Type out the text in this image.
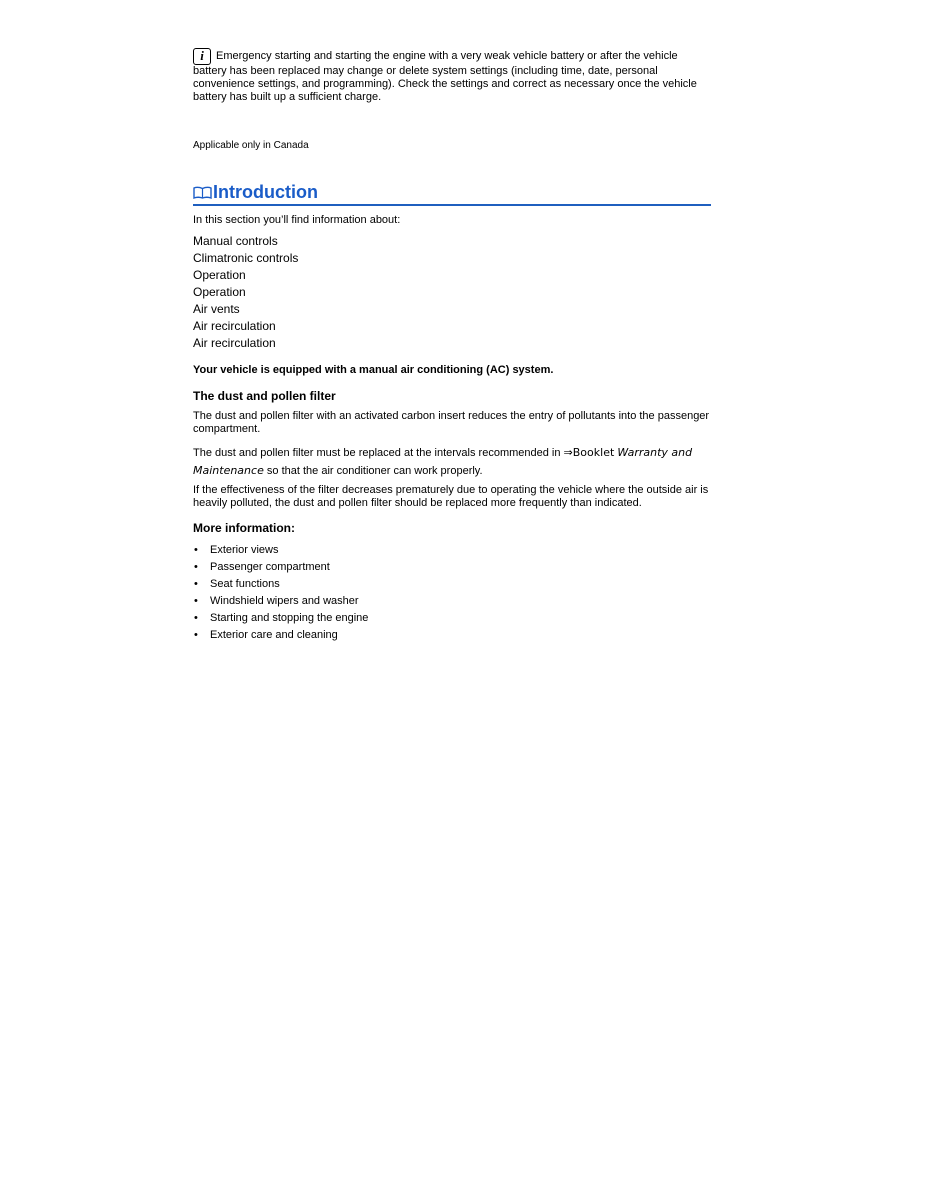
i Emergency starting and starting the engine with a very weak vehicle battery or after the vehicle battery has been replaced may change or delete system settings (including time, date, personal convenience settings, and programming). Check the settings and correct as necessary once the vehicle battery has built up a sufficient charge.

Applicable only in Canada

Introduction

In this section you’ll find information about:

Manual controls
Climatronic controls
Operation
Operation
Air vents
Air recirculation
Air recirculation

Your vehicle is equipped with a manual air conditioning (AC) system.

The dust and pollen filter

The dust and pollen filter with an activated carbon insert reduces the entry of pollutants into the passenger compartment.

The dust and pollen filter must be replaced at the intervals recommended in ⇒Booklet Warranty and Maintenance so that the air conditioner can work properly.

If the effectiveness of the filter decreases prematurely due to operating the vehicle where the outside air is heavily polluted, the dust and pollen filter should be replaced more frequently than indicated.

More information:

• Exterior views
• Passenger compartment
• Seat functions
• Windshield wipers and washer
• Starting and stopping the engine
• Exterior care and cleaning
